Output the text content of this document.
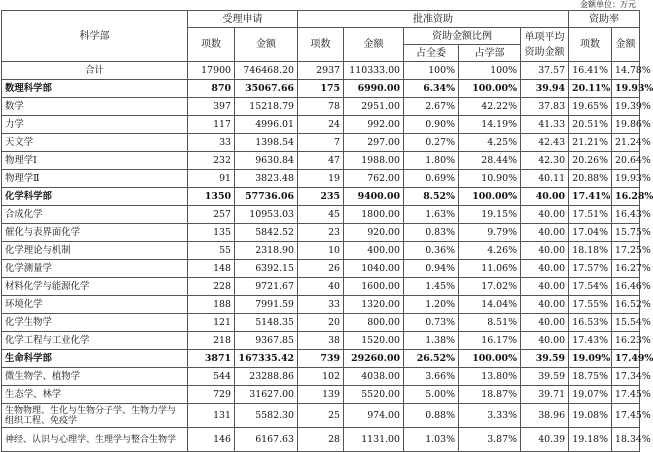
金额单位：万元
科学部	受理申请		批准资助					资助率	
	项数	金额	项数	金额	资助金额比例		单项平均资助金额	项数	金额
					占全委	占学部			
合计	17900	746468.20	2937	110333.00	100%	100%	37.57	16.41%	14.78%
数理科学部	870	35067.66	175	6990.00	6.34%	100.00%	39.94	20.11%	19.93%
数学	397	15218.79	78	2951.00	2.67%	42.22%	37.83	19.65%	19.39%
力学	117	4996.01	24	992.00	0.90%	14.19%	41.33	20.51%	19.86%
天文学	33	1398.54	7	297.00	0.27%	4.25%	42.43	21.21%	21.24%
物理学Ⅰ	232	9630.84	47	1988.00	1.80%	28.44%	42.30	20.26%	20.64%
物理学Ⅱ	91	3823.48	19	762.00	0.69%	10.90%	40.11	20.88%	19.93%
化学科学部	1350	57736.06	235	9400.00	8.52%	100.00%	40.00	17.41%	16.28%
合成化学	257	10953.03	45	1800.00	1.63%	19.15%	40.00	17.51%	16.43%
催化与表界面化学	135	5842.52	23	920.00	0.83%	9.79%	40.00	17.04%	15.75%
化学理论与机制	55	2318.90	10	400.00	0.36%	4.26%	40.00	18.18%	17.25%
化学测量学	148	6392.15	26	1040.00	0.94%	11.06%	40.00	17.57%	16.27%
材料化学与能源化学	228	9721.67	40	1600.00	1.45%	17.02%	40.00	17.54%	16.46%
环境化学	188	7991.59	33	1320.00	1.20%	14.04%	40.00	17.55%	16.52%
化学生物学	121	5148.35	20	800.00	0.73%	8.51%	40.00	16.53%	15.54%
化学工程与工业化学	218	9367.85	38	1520.00	1.38%	16.17%	40.00	17.43%	16.23%
生命科学部	3871	167335.42	739	29260.00	26.52%	100.00%	39.59	19.09%	17.49%
微生物学、植物学	544	23288.86	102	4038.00	3.66%	13.80%	39.59	18.75%	17.34%
生态学、林学	729	31627.00	139	5520.00	5.00%	18.87%	39.71	19.07%	17.45%
生物物理、生化与生物分子学、生物力学与组织工程、免疫学	131	5582.30	25	974.00	0.88%	3.33%	38.96	19.08%	17.45%
神经、认识与心理学、生理学与整合生物学	146	6167.63	28	1131.00	1.03%	3.87%	40.39	19.18%	18.34%
